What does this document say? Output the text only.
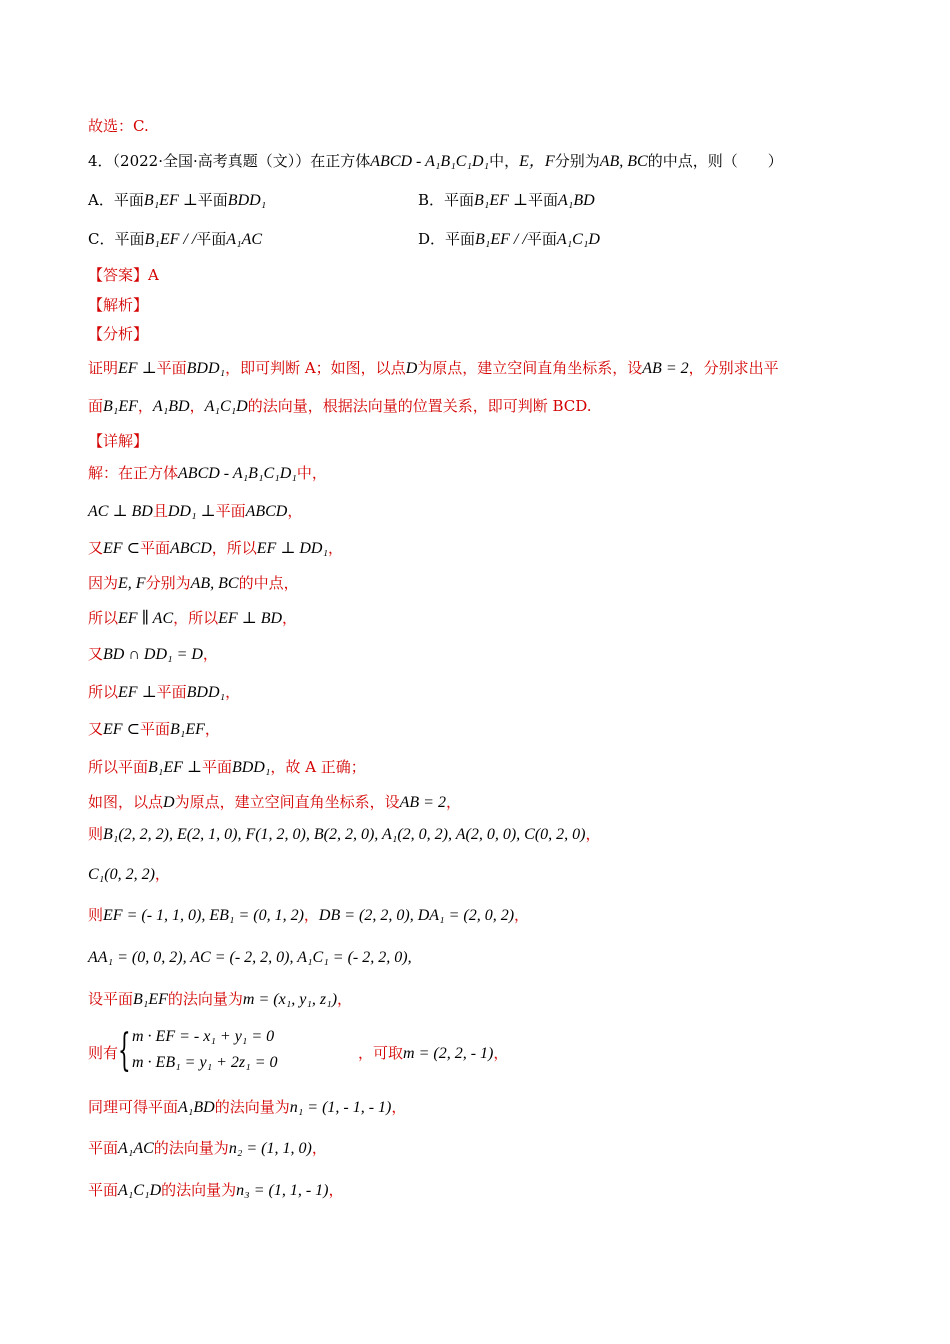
故选：C.
4．（2022·全国·高考真题（文））在正方体ABCD - A₁B₁C₁D₁中，E，F分别为AB, BC的中点，则（　　）
A．平面B₁EF ⊥平面BDD₁	B．平面B₁EF ⊥平面A₁BD
C．平面B₁EF / /平面A₁AC	D．平面B₁EF / /平面A₁C₁D
【答案】A
【解析】
【分析】
证明EF ⊥平面BDD₁，即可判断 A；如图，以点D为原点，建立空间直角坐标系，设AB = 2，分别求出平
面B₁EF，A₁BD，A₁C₁D的法向量，根据法向量的位置关系，即可判断 BCD.
【详解】
解：在正方体ABCD - A₁B₁C₁D₁中，
AC ⊥ BD且DD₁ ⊥平面ABCD，
又EF ⊂平面ABCD，所以EF ⊥ DD₁，
因为E, F分别为AB, BC的中点，
所以EF ∥ AC，所以EF ⊥ BD，
又BD ∩ DD₁ = D，
所以EF ⊥平面BDD₁，
又EF ⊂平面B₁EF，
所以平面B₁EF ⊥平面BDD₁，故 A 正确；
如图，以点D为原点，建立空间直角坐标系，设AB = 2，
则B₁(2, 2, 2), E(2, 1, 0), F(1, 2, 0), B(2, 2, 0), A₁(2, 0, 2), A(2, 0, 0), C(0, 2, 0)，
C₁(0, 2, 2)，
则EF = (- 1, 1, 0), EB₁ = (0, 1, 2)，DB = (2, 2, 0), DA₁ = (2, 0, 2)，
AA₁ = (0, 0, 2), AC = (- 2, 2, 0), A₁C₁ = (- 2, 2, 0),
设平面B₁EF的法向量为m = (x₁, y₁, z₁)，
则有 { m · EF = - x₁ + y₁ = 0
m · EB₁ = y₁ + 2z₁ = 0
，可取m = (2, 2, - 1)，
同理可得平面A₁BD的法向量为n₁ = (1, - 1, - 1)，
平面A₁AC的法向量为n₂ = (1, 1, 0)，
平面A₁C₁D的法向量为n₃ = (1, 1, - 1)，
